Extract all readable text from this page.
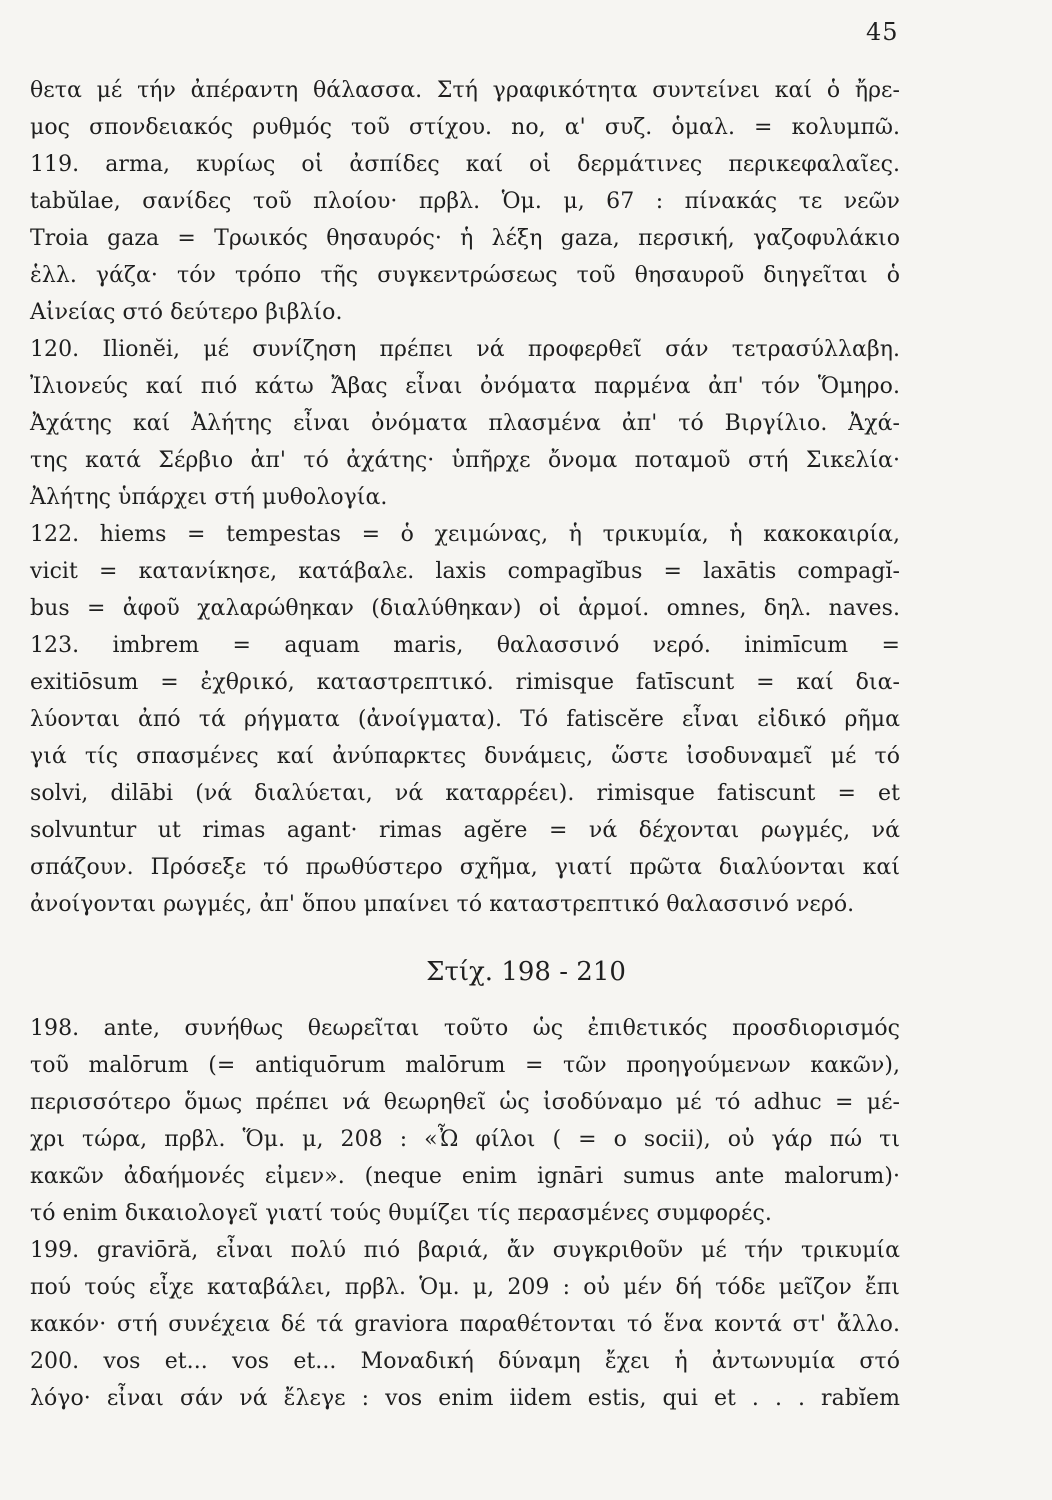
45
θετα μέ τήν ἀπέραντη θάλασσα. Στή γραφικότητα συντείνει καί ὁ ἤρε-
μος σπονδειακός ρυθμός τοῦ στίχου. no, α' συζ. ὁμαλ. = κολυμπῶ.
119. arma, κυρίως οἱ ἀσπίδες καί οἱ δερμάτινες περικεφαλαῖες.
tabŭlae, σανίδες τοῦ πλοίου· πρβλ. Ὁμ. μ, 67 : πίνακάς τε νεῶν
Troia gaza = Τρωικός θησαυρός· ἡ λέξη gaza, περσική, γαζοφυλάκιο
ἑλλ. γάζα· τόν τρόπο τῆς συγκεντρώσεως τοῦ θησαυροῦ διηγεῖται ὁ
Αἰνείας στό δεύτερο βιβλίο.
120. Ilionĕi, μέ συνίζηση πρέπει νά προφερθεῖ σάν τετρασύλλαβη.
Ἰλιονεύς καί πιό κάτω Ἄβας εἶναι ὀνόματα παρμένα ἀπ' τόν Ὅμηρο.
Ἀχάτης καί Ἀλήτης εἶναι ὀνόματα πλασμένα ἀπ' τό Βιργίλιο. Ἀχά-
της κατά Σέρβιο ἀπ' τό ἀχάτης· ὑπῆρχε ὄνομα ποταμοῦ στή Σικελία·
Ἀλήτης ὑπάρχει στή μυθολογία.
122. hiems = tempestas = ὁ χειμώνας, ἡ τρικυμία, ἡ κακοκαιρία,
vicit = κατανίκησε, κατάβαλε. laxis compagĭbus = laxātis compagĭ-
bus = ἀφοῦ χαλαρώθηκαν (διαλύθηκαν) οἱ ἁρμοί. omnes, δηλ. naves.
123. imbrem = aquam maris, θαλασσινό νερό. inimīcum =
exitiōsum = ἐχθρικό, καταστρεπτικό. rimisque fatīscunt = καί δια-
λύονται ἀπό τά ρήγματα (ἀνοίγματα). Τό fatiscĕre εἶναι εἰδικό ρῆμα
γιά τίς σπασμένες καί ἀνύπαρκτες δυνάμεις, ὥστε ἰσοδυναμεῖ μέ τό
solvi, dilābi (νά διαλύεται, νά καταρρέει). rimisque fatiscunt = et
solvuntur ut rimas agant· rimas agĕre = νά δέχονται ρωγμές, νά
σπάζουν. Πρόσεξε τό πρωθύστερο σχῆμα, γιατί πρῶτα διαλύονται καί
ἀνοίγονται ρωγμές, ἀπ' ὅπου μπαίνει τό καταστρεπτικό θαλασσινό νερό.
Στίχ. 198 - 210
198. ante, συνήθως θεωρεῖται τοῦτο ὡς ἐπιθετικός προσδιορισμός
τοῦ malōrum (= antiquōrum malōrum = τῶν προηγούμενων κακῶν),
περισσότερο ὅμως πρέπει νά θεωρηθεῖ ὡς ἰσοδύναμο μέ τό adhuc = μέ-
χρι τώρα, πρβλ. Ὅμ. μ, 208 : «Ὦ φίλοι ( = o socii), οὐ γάρ πώ τι
κακῶν ἀδαήμονές εἰμεν». (neque enim ignāri sumus ante malorum)·
τό enim δικαιολογεῖ γιατί τούς θυμίζει τίς περασμένες συμφορές.
199. graviōră, εἶναι πολύ πιό βαριά, ἄν συγκριθοῦν μέ τήν τρικυμία
πού τούς εἶχε καταβάλει, πρβλ. Ὁμ. μ, 209 : οὐ μέν δή τόδε μεῖζον ἔπι
κακόν· στή συνέχεια δέ τά graviora παραθέτονται τό ἕνα κοντά στ' ἄλλο.
200. vos et... vos et... Μοναδική δύναμη ἔχει ἡ ἀντωνυμία στό
λόγο· εἶναι σάν νά ἔλεγε : vos enim iidem estis, qui et . . . rabĭem
